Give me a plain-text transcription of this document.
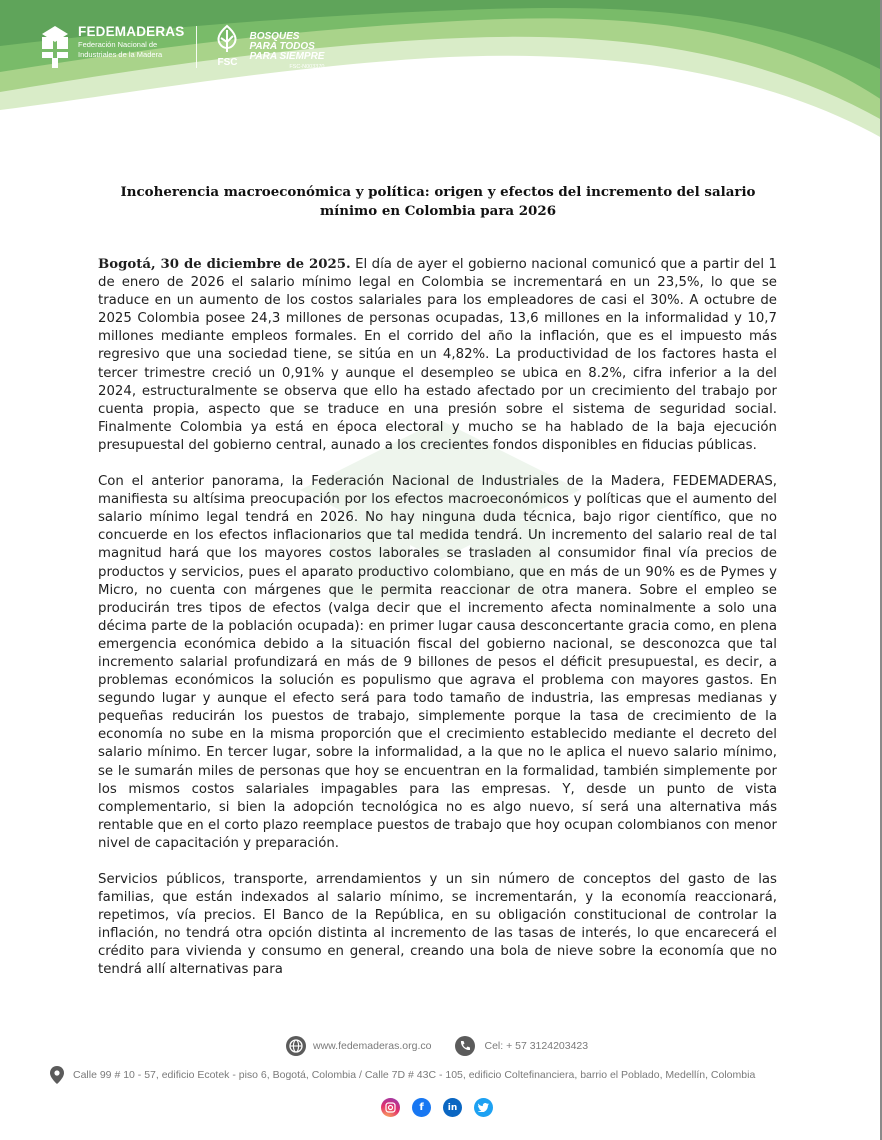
FEDEMADERAS
Federación Nacional de
Industriales de la Madera
FSC
BOSQUES
PARA TODOS
PARA SIEMPRE
FSC-N003370
Incoherencia macroeconómica y política: origen y efectos del incremento del salario mínimo en Colombia para 2026

Bogotá, 30 de diciembre de 2025. El día de ayer el gobierno nacional comunicó que a partir del 1 de enero de 2026 el salario mínimo legal en Colombia se incrementará en un 23,5%, lo que se traduce en un aumento de los costos salariales para los empleadores de casi el 30%. A octubre de 2025 Colombia posee 24,3 millones de personas ocupadas, 13,6 millones en la informalidad y 10,7 millones mediante empleos formales. En el corrido del año la inflación, que es el impuesto más regresivo que una sociedad tiene, se sitúa en un 4,82%. La productividad de los factores hasta el tercer trimestre creció un 0,91% y aunque el desempleo se ubica en 8.2%, cifra inferior a la del 2024, estructuralmente se observa que ello ha estado afectado por un crecimiento del trabajo por cuenta propia, aspecto que se traduce en una presión sobre el sistema de seguridad social. Finalmente Colombia ya está en época electoral y mucho se ha hablado de la baja ejecución presupuestal del gobierno central, aunado a los crecientes fondos disponibles en fiducias públicas.

Con el anterior panorama, la Federación Nacional de Industriales de la Madera, FEDEMADERAS, manifiesta su altísima preocupación por los efectos macroeconómicos y políticas que el aumento del salario mínimo legal tendrá en 2026. No hay ninguna duda técnica, bajo rigor científico, que no concuerde en los efectos inflacionarios que tal medida tendrá. Un incremento del salario real de tal magnitud hará que los mayores costos laborales se trasladen al consumidor final vía precios de productos y servicios, pues el aparato productivo colombiano, que en más de un 90% es de Pymes y Micro, no cuenta con márgenes que le permita reaccionar de otra manera. Sobre el empleo se producirán tres tipos de efectos (valga decir que el incremento afecta nominalmente a solo una décima parte de la población ocupada): en primer lugar causa desconcertante gracia como, en plena emergencia económica debido a la situación fiscal del gobierno nacional, se desconozca que tal incremento salarial profundizará en más de 9 billones de pesos el déficit presupuestal, es decir, a problemas económicos la solución es populismo que agrava el problema con mayores gastos. En segundo lugar y aunque el efecto será para todo tamaño de industria, las empresas medianas y pequeñas reducirán los puestos de trabajo, simplemente porque la tasa de crecimiento de la economía no sube en la misma proporción que el crecimiento establecido mediante el decreto del salario mínimo. En tercer lugar, sobre la informalidad, a la que no le aplica el nuevo salario mínimo, se le sumarán miles de personas que hoy se encuentran en la formalidad, también simplemente por los mismos costos salariales impagables para las empresas. Y, desde un punto de vista complementario, si bien la adopción tecnológica no es algo nuevo, sí será una alternativa más rentable que en el corto plazo reemplace puestos de trabajo que hoy ocupan colombianos con menor nivel de capacitación y preparación.

Servicios públicos, transporte, arrendamientos y un sin número de conceptos del gasto de las familias, que están indexados al salario mínimo, se incrementarán, y la economía reaccionará, repetimos, vía precios. El Banco de la República, en su obligación constitucional de controlar la inflación, no tendrá otra opción distinta al incremento de las tasas de interés, lo que encarecerá el crédito para vivienda y consumo en general, creando una bola de nieve sobre la economía que no tendrá allí alternativas para

www.fedemaderas.org.co	Cel: + 57 3124203423
Calle 99 # 10 - 57, edificio Ecotek - piso 6, Bogotá, Colombia / Calle 7D # 43C - 105, edificio Coltefinanciera, barrio el Poblado, Medellín, Colombia
f	in
